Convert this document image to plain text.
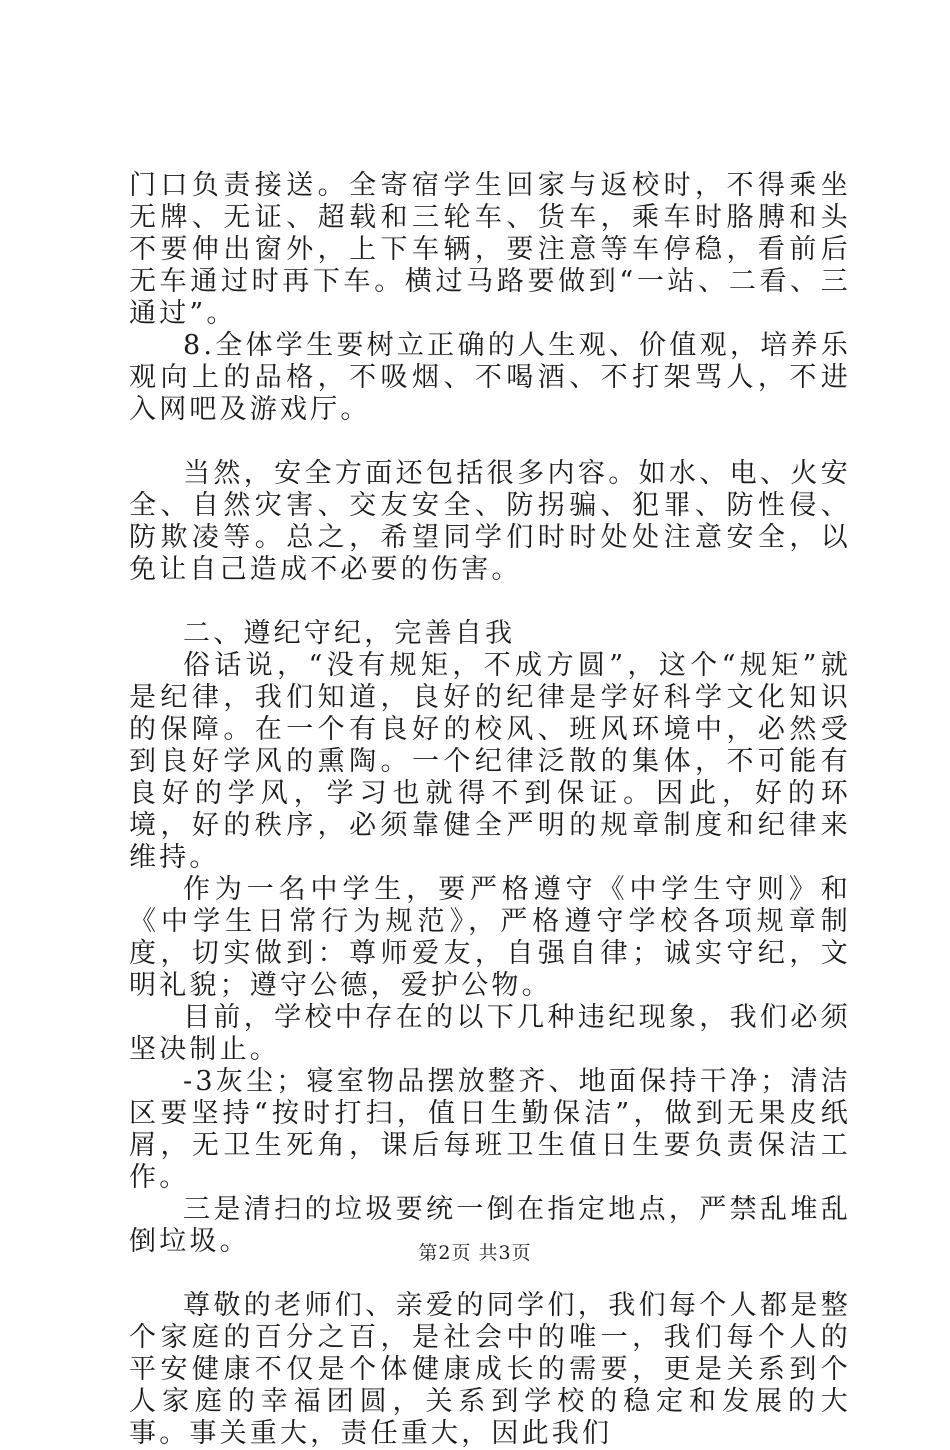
门口负责接送。全寄宿学生回家与返校时，不得乘坐无牌、无证、超载和三轮车、货车，乘车时胳膊和头不要伸出窗外，上下车辆，要注意等车停稳，看前后无车通过时再下车。横过马路要做到“一站、二看、三通过”。

8.全体学生要树立正确的人生观、价值观，培养乐观向上的品格，不吸烟、不喝酒、不打架骂人，不进入网吧及游戏厅。

当然，安全方面还包括很多内容。如水、电、火安全、自然灾害、交友安全、防拐骗、犯罪、防性侵、防欺凌等。总之，希望同学们时时处处注意安全，以免让自己造成不必要的伤害。

二、遵纪守纪，完善自我

俗话说，“没有规矩，不成方圆”，这个“规矩”就是纪律，我们知道，良好的纪律是学好科学文化知识的保障。在一个有良好的校风、班风环境中，必然受到良好学风的熏陶。一个纪律泛散的集体，不可能有良好的学风，学习也就得不到保证。因此，好的环境，好的秩序，必须靠健全严明的规章制度和纪律来维持。

作为一名中学生，要严格遵守《中学生守则》和《中学生日常行为规范》，严格遵守学校各项规章制度，切实做到：尊师爱友，自强自律；诚实守纪，文明礼貌；遵守公德，爱护公物。

目前，学校中存在的以下几种违纪现象，我们必须坚决制止。

-3灰尘；寝室物品摆放整齐、地面保持干净；清洁区要坚持“按时打扫，值日生勤保洁”，做到无果皮纸屑，无卫生死角，课后每班卫生值日生要负责保洁工作。

三是清扫的垃圾要统一倒在指定地点，严禁乱堆乱倒垃圾。

尊敬的老师们、亲爱的同学们，我们每个人都是整个家庭的百分之百，是社会中的唯一，我们每个人的平安健康不仅是个体健康成长的需要，更是关系到个人家庭的幸福团圆，关系到学校的稳定和发展的大事。事关重大，责任重大，因此我们

第2页 共3页
